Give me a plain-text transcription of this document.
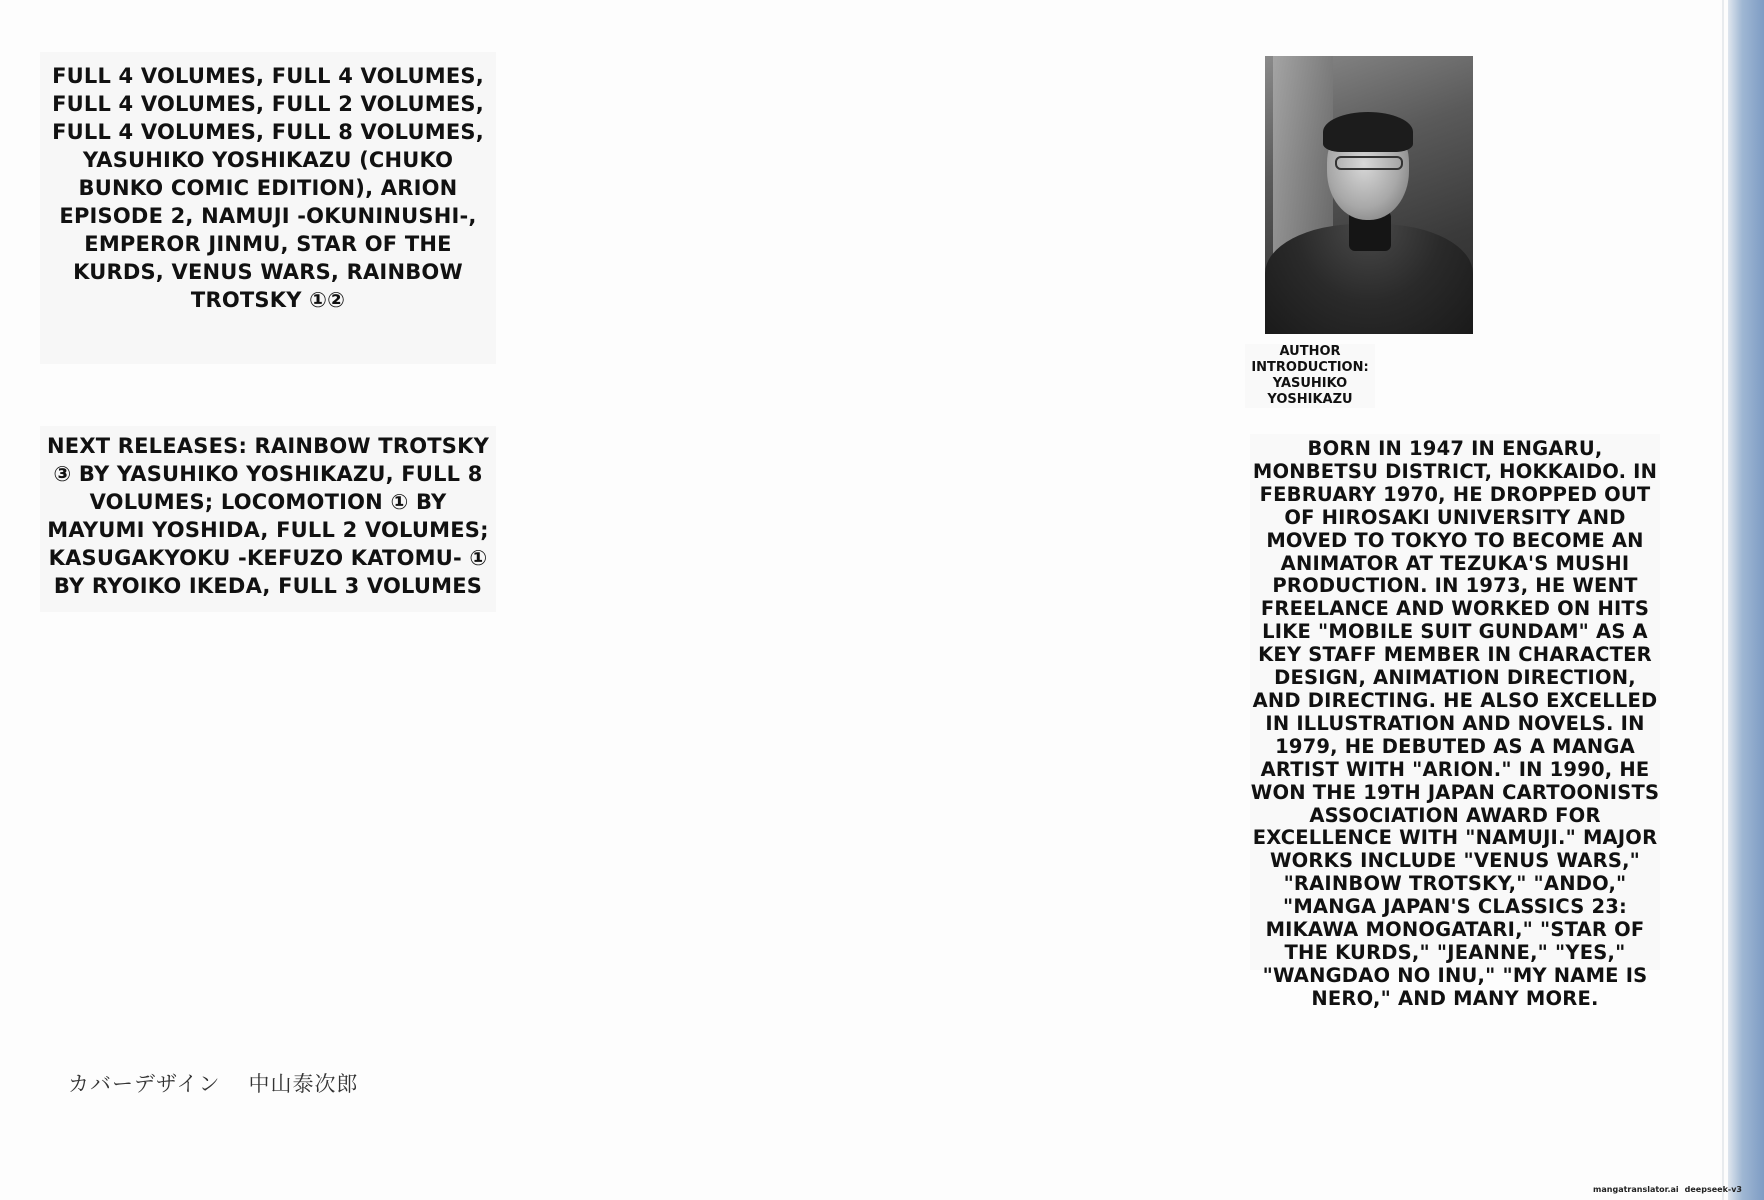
FULL 4 VOLUMES, FULL 4 VOLUMES, FULL 4 VOLUMES, FULL 2 VOLUMES, FULL 4 VOLUMES, FULL 8 VOLUMES, YASUHIKO YOSHIKAZU (CHUKO BUNKO COMIC EDITION), ARION EPISODE 2, NAMUJI -OKUNINUSHI-, EMPEROR JINMU, STAR OF THE KURDS, VENUS WARS, RAINBOW TROTSKY ①②
NEXT RELEASES: RAINBOW TROTSKY ③ BY YASUHIKO YOSHIKAZU, FULL 8 VOLUMES; LOCOMOTION ① BY MAYUMI YOSHIDA, FULL 2 VOLUMES; KASUGAKYOKU -KEFUZO KATOMU- ① BY RYOIKO IKEDA, FULL 3 VOLUMES
カバーデザイン 中山泰次郎
AUTHOR INTRODUCTION: YASUHIKO YOSHIKAZU
BORN IN 1947 IN ENGARU, MONBETSU DISTRICT, HOKKAIDO. IN FEBRUARY 1970, HE DROPPED OUT OF HIROSAKI UNIVERSITY AND MOVED TO TOKYO TO BECOME AN ANIMATOR AT TEZUKA'S MUSHI PRODUCTION. IN 1973, HE WENT FREELANCE AND WORKED ON HITS LIKE "MOBILE SUIT GUNDAM" AS A KEY STAFF MEMBER IN CHARACTER DESIGN, ANIMATION DIRECTION, AND DIRECTING. HE ALSO EXCELLED IN ILLUSTRATION AND NOVELS. IN 1979, HE DEBUTED AS A MANGA ARTIST WITH "ARION." IN 1990, HE WON THE 19TH JAPAN CARTOONISTS ASSOCIATION AWARD FOR EXCELLENCE WITH "NAMUJI." MAJOR WORKS INCLUDE "VENUS WARS," "RAINBOW TROTSKY," "ANDO," "MANGA JAPAN'S CLASSICS 23: MIKAWA MONOGATARI," "STAR OF THE KURDS," "JEANNE," "YES," "WANGDAO NO INU," "MY NAME IS NERO," AND MANY MORE.
mangatranslator.ai deepseek-v3
